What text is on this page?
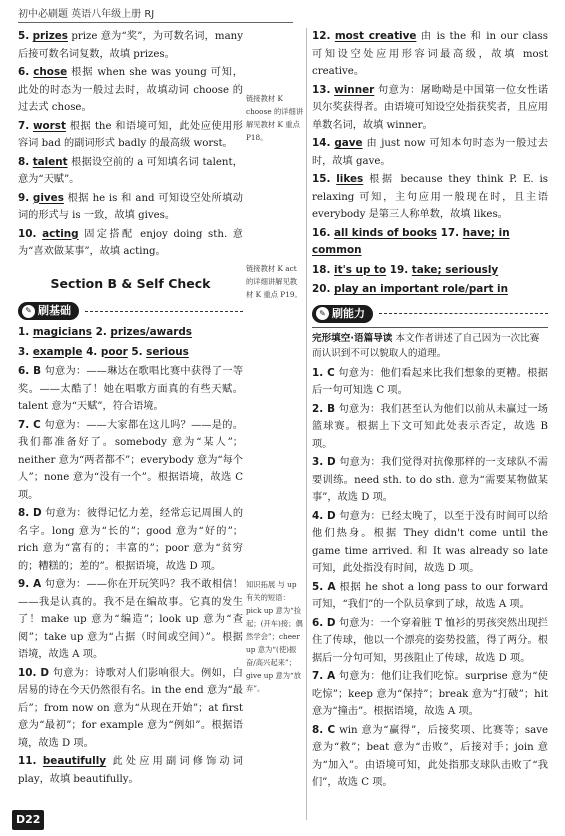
初中必刷题 英语八年级上册 RJ
5. prizes prize 意为“奖”，为可数名词，many 后接可数名词复数，故填 prizes。
6. chose 根据 when she was young 可知，此处的时态为一般过去时，故填动词 choose 的过去式 chose。
7. worst 根据 the 和语境可知，此处应使用形容词 bad 的副词形式 badly 的最高级 worst。
8. talent 根据设空前的 a 可知填名词 talent，意为“天赋”。
9. gives 根据 he is 和 and 可知设空处所填动词的形式与 is 一致，故填 gives。
10. acting 固定搭配 enjoy doing sth. 意为“喜欢做某事”，故填 acting。
Section B & Self Check
✎ 刷基础
1. magicians 2. prizes/awards
3. example 4. poor 5. serious
6. B 句意为：——琳达在歌唱比赛中获得了一等奖。——太酷了！她在唱歌方面真的有些天赋。talent 意为“天赋”，符合语境。
7. C 句意为：——大家都在这儿吗？——是的。我们都准备好了。somebody 意为“某人”；neither 意为“两者都不”；everybody 意为“每个人”；none 意为“没有一个”。根据语境，故选 C 项。
8. D 句意为：彼得记忆力差，经常忘记周围人的名字。long 意为“长的”；good 意为“好的”；rich 意为“富有的；丰富的”；poor 意为“贫穷的；糟糕的；差的”。根据语境，故选 D 项。
9. A 句意为：——你在开玩笑吗？我不敢相信！——我是认真的。我不是在编故事。它真的发生了！make up 意为“编造”；look up 意为“查阅”；take up 意为“占据（时间或空间）”。根据语境，故选 A 项。
10. D 句意为：诗歌对人们影响很大。例如，白居易的诗在今天仍然很有名。in the end 意为“最后”；from now on 意为“从现在开始”；at first 意为“最初”；for example 意为“例如”。根据语境，故选 D 项。
11. beautifully 此处应用副词修饰动词 play，故填 beautifully。
链接教材 K choose 的详细讲解见教材 K 重点 P18。
链接教材 K act 的详细讲解见教材 K 重点 P19。
知识拓展 与 up 有关的短语：pick up 意为“捡起；(开车)接；偶然学会”；cheer up 意为“(使)振奋/高兴起来”；give up 意为“放弃”。
12. most creative 由 is the 和 in our class 可知设空处应用形容词最高级，故填 most creative。
13. winner 句意为：屠呦呦是中国第一位女性诺贝尔奖获得者。由语境可知设空处指获奖者，且应用单数名词，故填 winner。
14. gave 由 just now 可知本句时态为一般过去时，故填 gave。
15. likes 根据 because they think P. E. is relaxing 可知，主句应用一般现在时，且主语 everybody 是第三人称单数，故填 likes。
16. all kinds of books 17. have; in common
18. it's up to 19. take; seriously
20. play an important role/part in
✎ 刷能力
完形填空·语篇导读 本文作者讲述了自己因为一次比赛而认识到不可以貌取人的道理。
1. C 句意为：他们看起来比我们想象的更糟。根据后一句可知选 C 项。
2. B 句意为：我们甚至认为他们以前从未赢过一场篮球赛。根据上下文可知此处表示否定，故选 B 项。
3. D 句意为：我们觉得对抗像那样的一支球队不需要训练。need sth. to do sth. 意为“需要某物做某事”，故选 D 项。
4. D 句意为：已经太晚了，以至于没有时间可以给他们热身。根据 They didn't come until the game time arrived. 和 It was already so late 可知，此处指没有时间，故选 D 项。
5. A 根据 he shot a long pass to our forward 可知，“我们”的一个队员拿到了球，故选 A 项。
6. D 句意为：一个穿着脏 T 恤衫的男孩突然出现拦住了传球，他以一个漂亮的姿势投篮，得了两分。根据后一分句可知，男孩阻止了传球，故选 D 项。
7. A 句意为：他们让我们吃惊。surprise 意为“使吃惊”；keep 意为“保持”；break 意为“打破”；hit 意为“撞击”。根据语境，故选 A 项。
8. C win 意为“赢得”，后接奖项、比赛等；save 意为“救”；beat 意为“击败”，后接对手；join 意为“加入”。由语境可知，此处指那支球队击败了“我们”，故选 C 项。
D22
